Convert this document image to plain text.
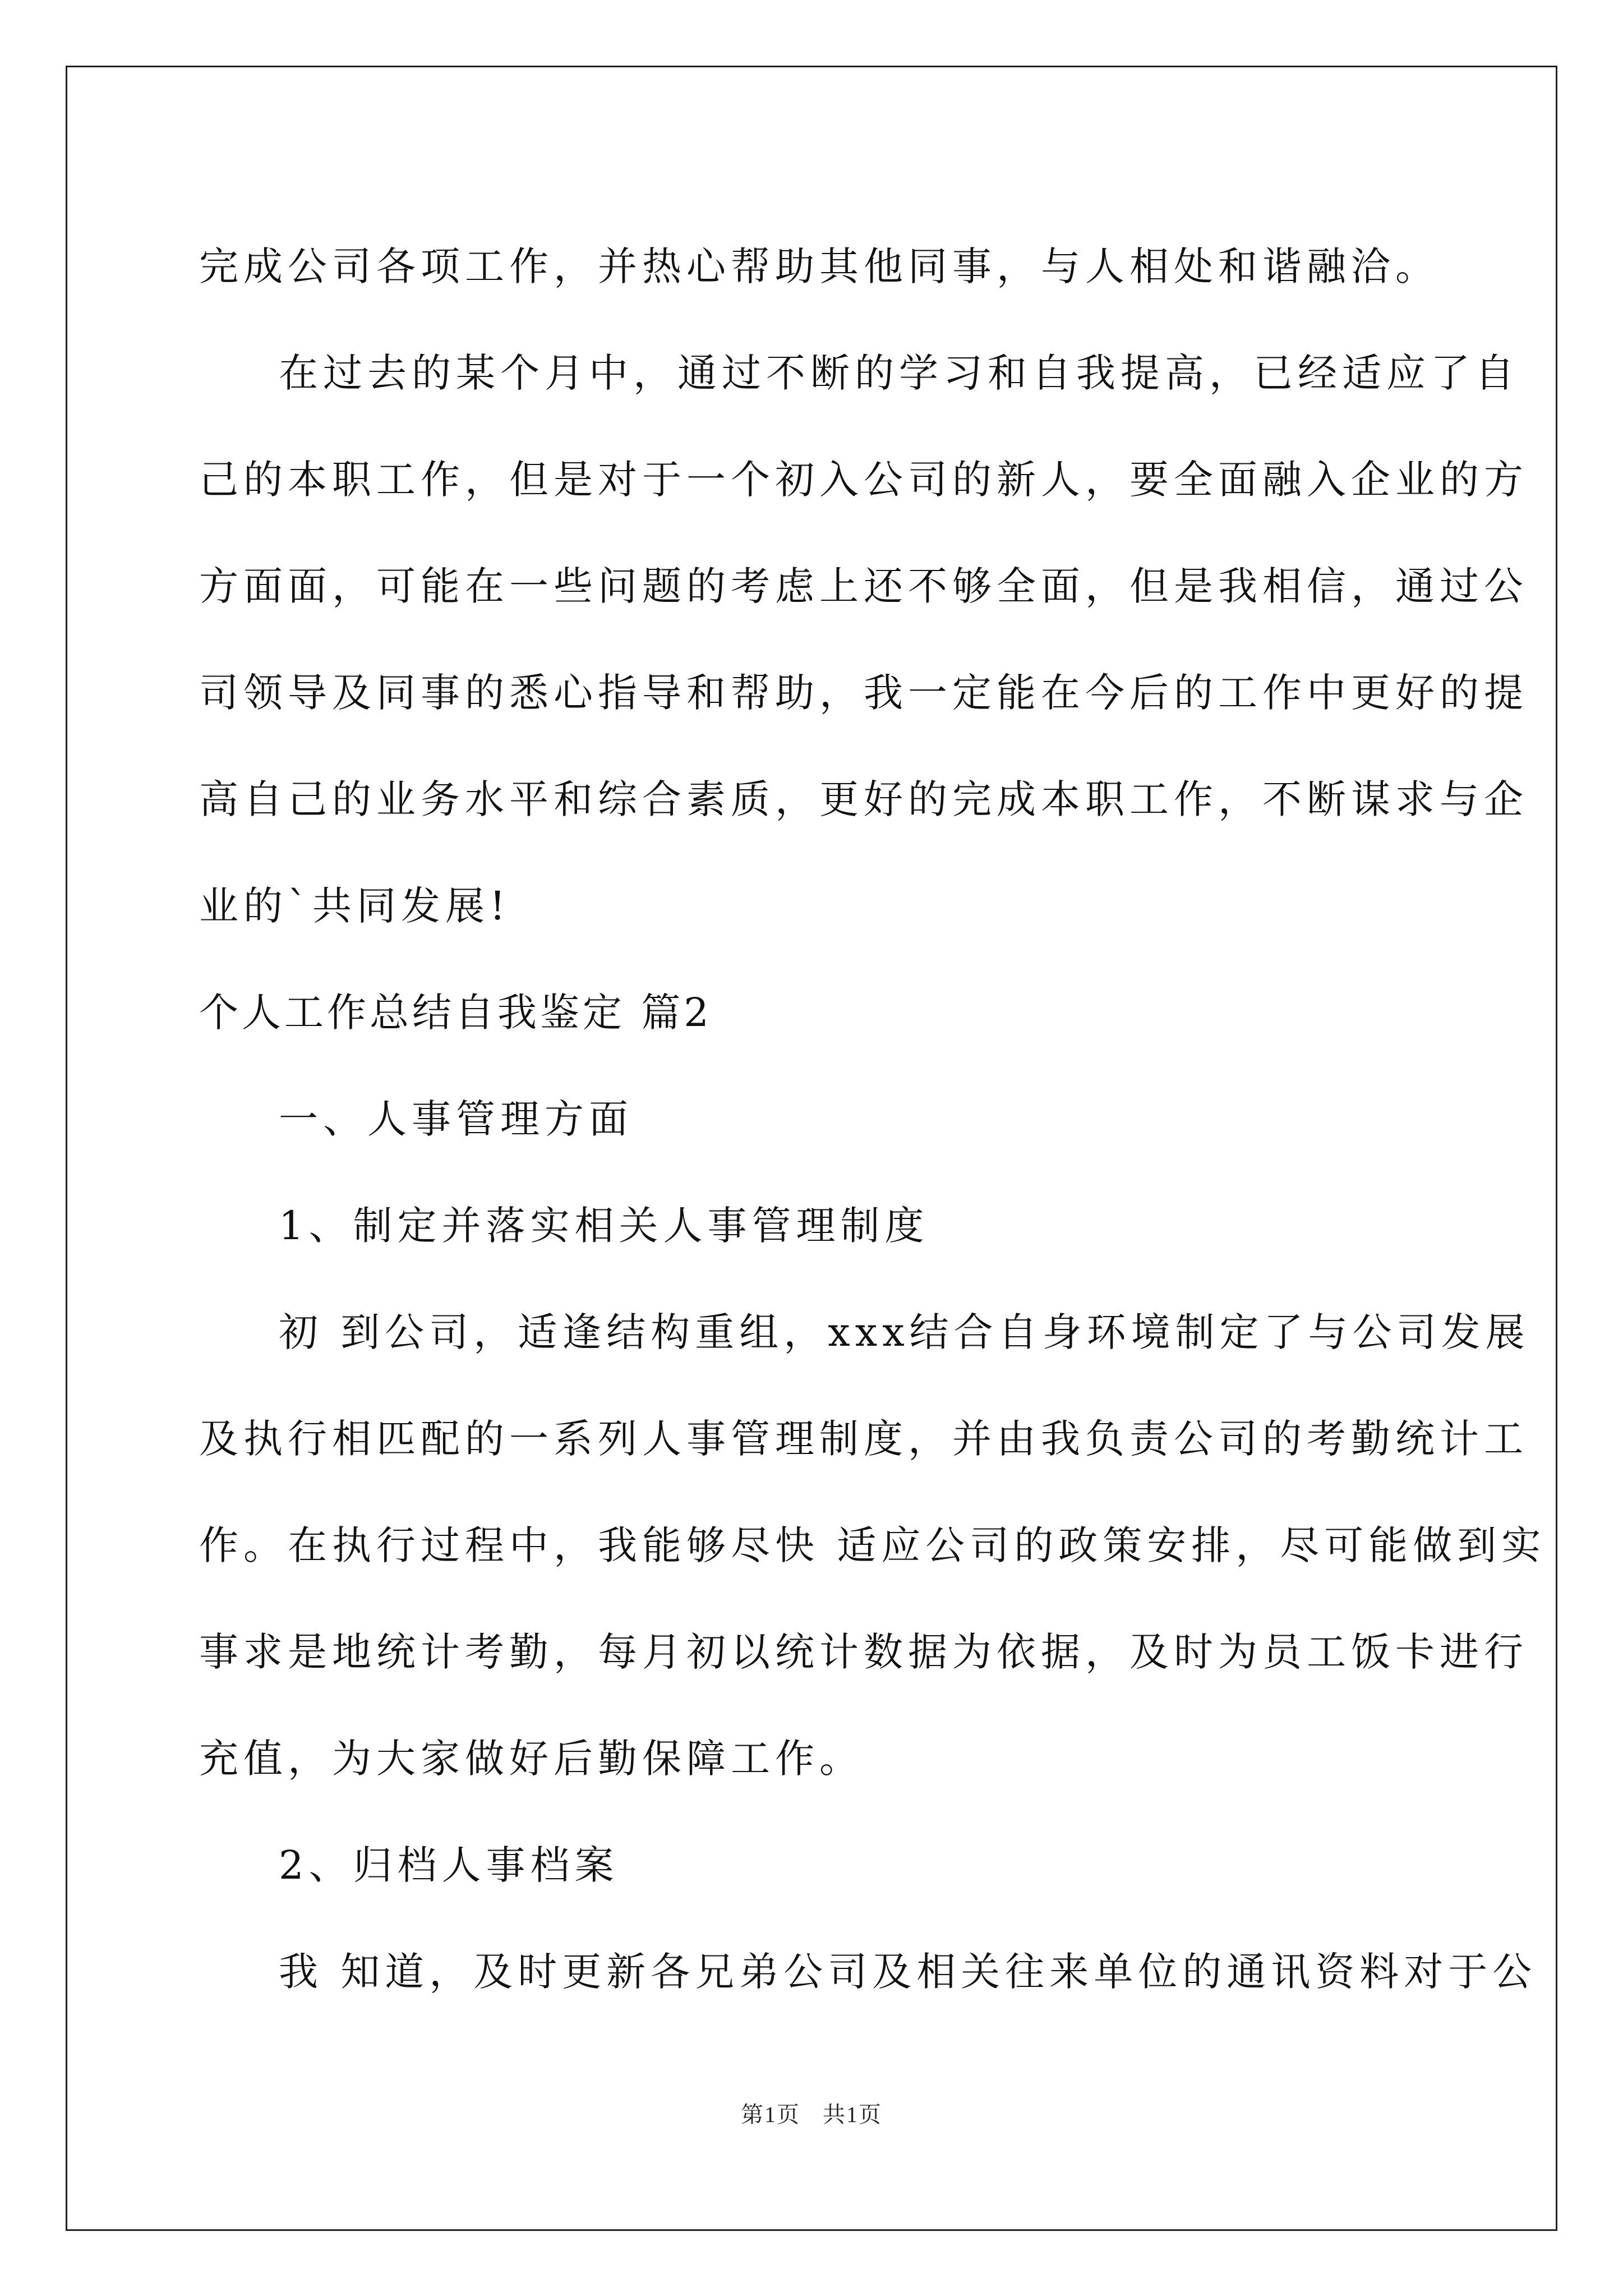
完成公司各项工作，并热心帮助其他同事，与人相处和谐融洽。
在过去的某个月中，通过不断的学习和自我提高，已经适应了自
己的本职工作，但是对于一个初入公司的新人，要全面融入企业的方
方面面，可能在一些问题的考虑上还不够全面，但是我相信，通过公
司领导及同事的悉心指导和帮助，我一定能在今后的工作中更好的提
高自己的业务水平和综合素质，更好的完成本职工作，不断谋求与企
业的`共同发展!
个人工作总结自我鉴定 篇2
一、人事管理方面
1、制定并落实相关人事管理制度
初 到公司，适逢结构重组，xxx结合自身环境制定了与公司发展
及执行相匹配的一系列人事管理制度，并由我负责公司的考勤统计工
作。在执行过程中，我能够尽快 适应公司的政策安排，尽可能做到实
事求是地统计考勤，每月初以统计数据为依据，及时为员工饭卡进行
充值，为大家做好后勤保障工作。
2、归档人事档案
我 知道，及时更新各兄弟公司及相关往来单位的通讯资料对于公
第1页 共1页
